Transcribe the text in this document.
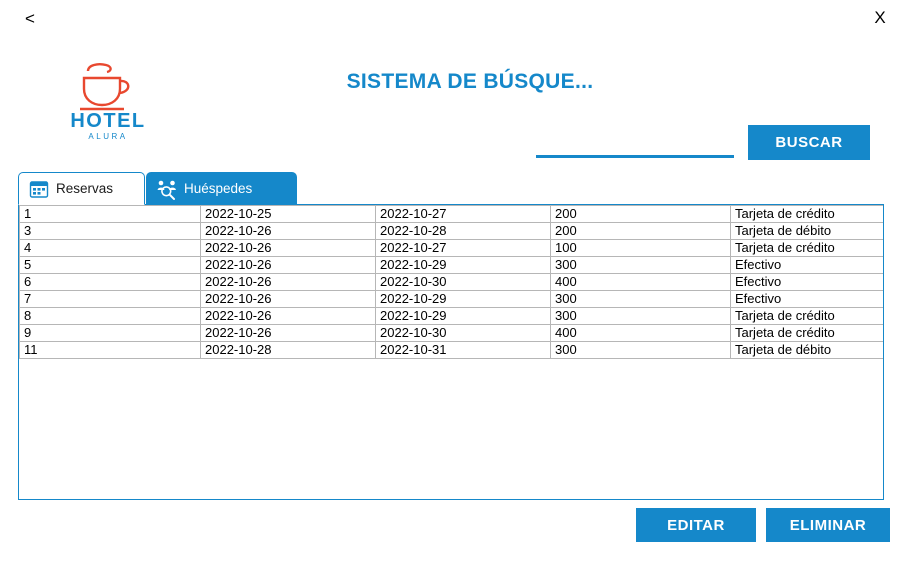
<	X
HOTEL
ALURA
SISTEMA DE BÚSQUE...
BUSCAR
Reservas	Huéspedes
1	2022-10-25	2022-10-27	200	Tarjeta de crédito
3	2022-10-26	2022-10-28	200	Tarjeta de débito
4	2022-10-26	2022-10-27	100	Tarjeta de crédito
5	2022-10-26	2022-10-29	300	Efectivo
6	2022-10-26	2022-10-30	400	Efectivo
7	2022-10-26	2022-10-29	300	Efectivo
8	2022-10-26	2022-10-29	300	Tarjeta de crédito
9	2022-10-26	2022-10-30	400	Tarjeta de crédito
11	2022-10-28	2022-10-31	300	Tarjeta de débito
EDITAR	ELIMINAR
